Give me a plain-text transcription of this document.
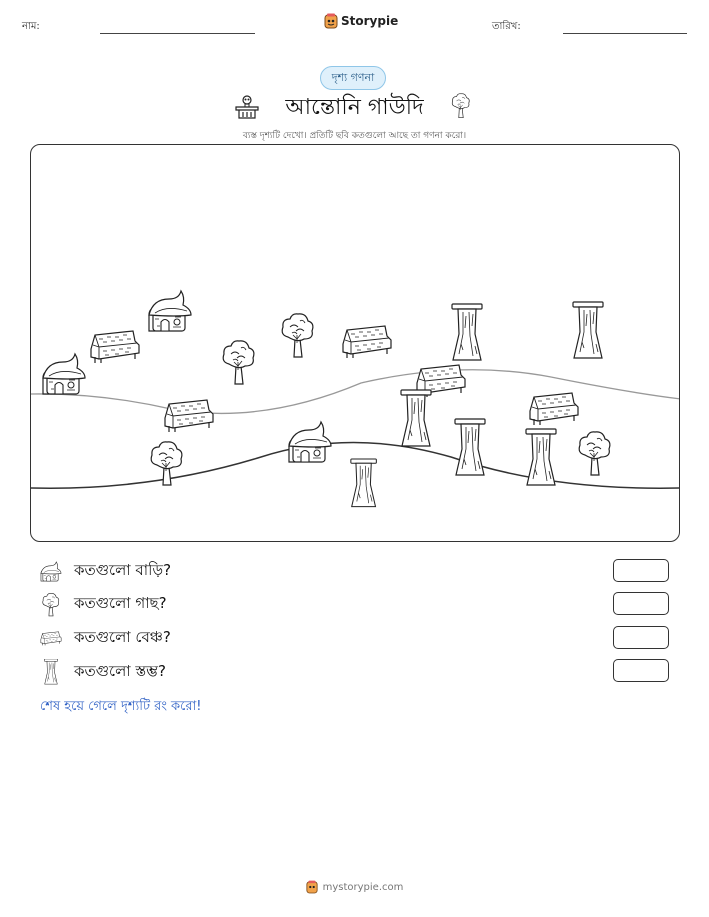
নাম:	Storypie	তারিখ:
দৃশ্য গণনা
আন্তোনি গাউদি
ব্যস্ত দৃশ্যটি দেখো। প্রতিটি ছবি কতগুলো আছে তা গণনা করো।
কতগুলো বাড়ি?
কতগুলো গাছ?
কতগুলো বেঞ্চ?
কতগুলো স্তম্ভ?
শেষ হয়ে গেলে দৃশ্যটি রং করো!
mystorypie.com
